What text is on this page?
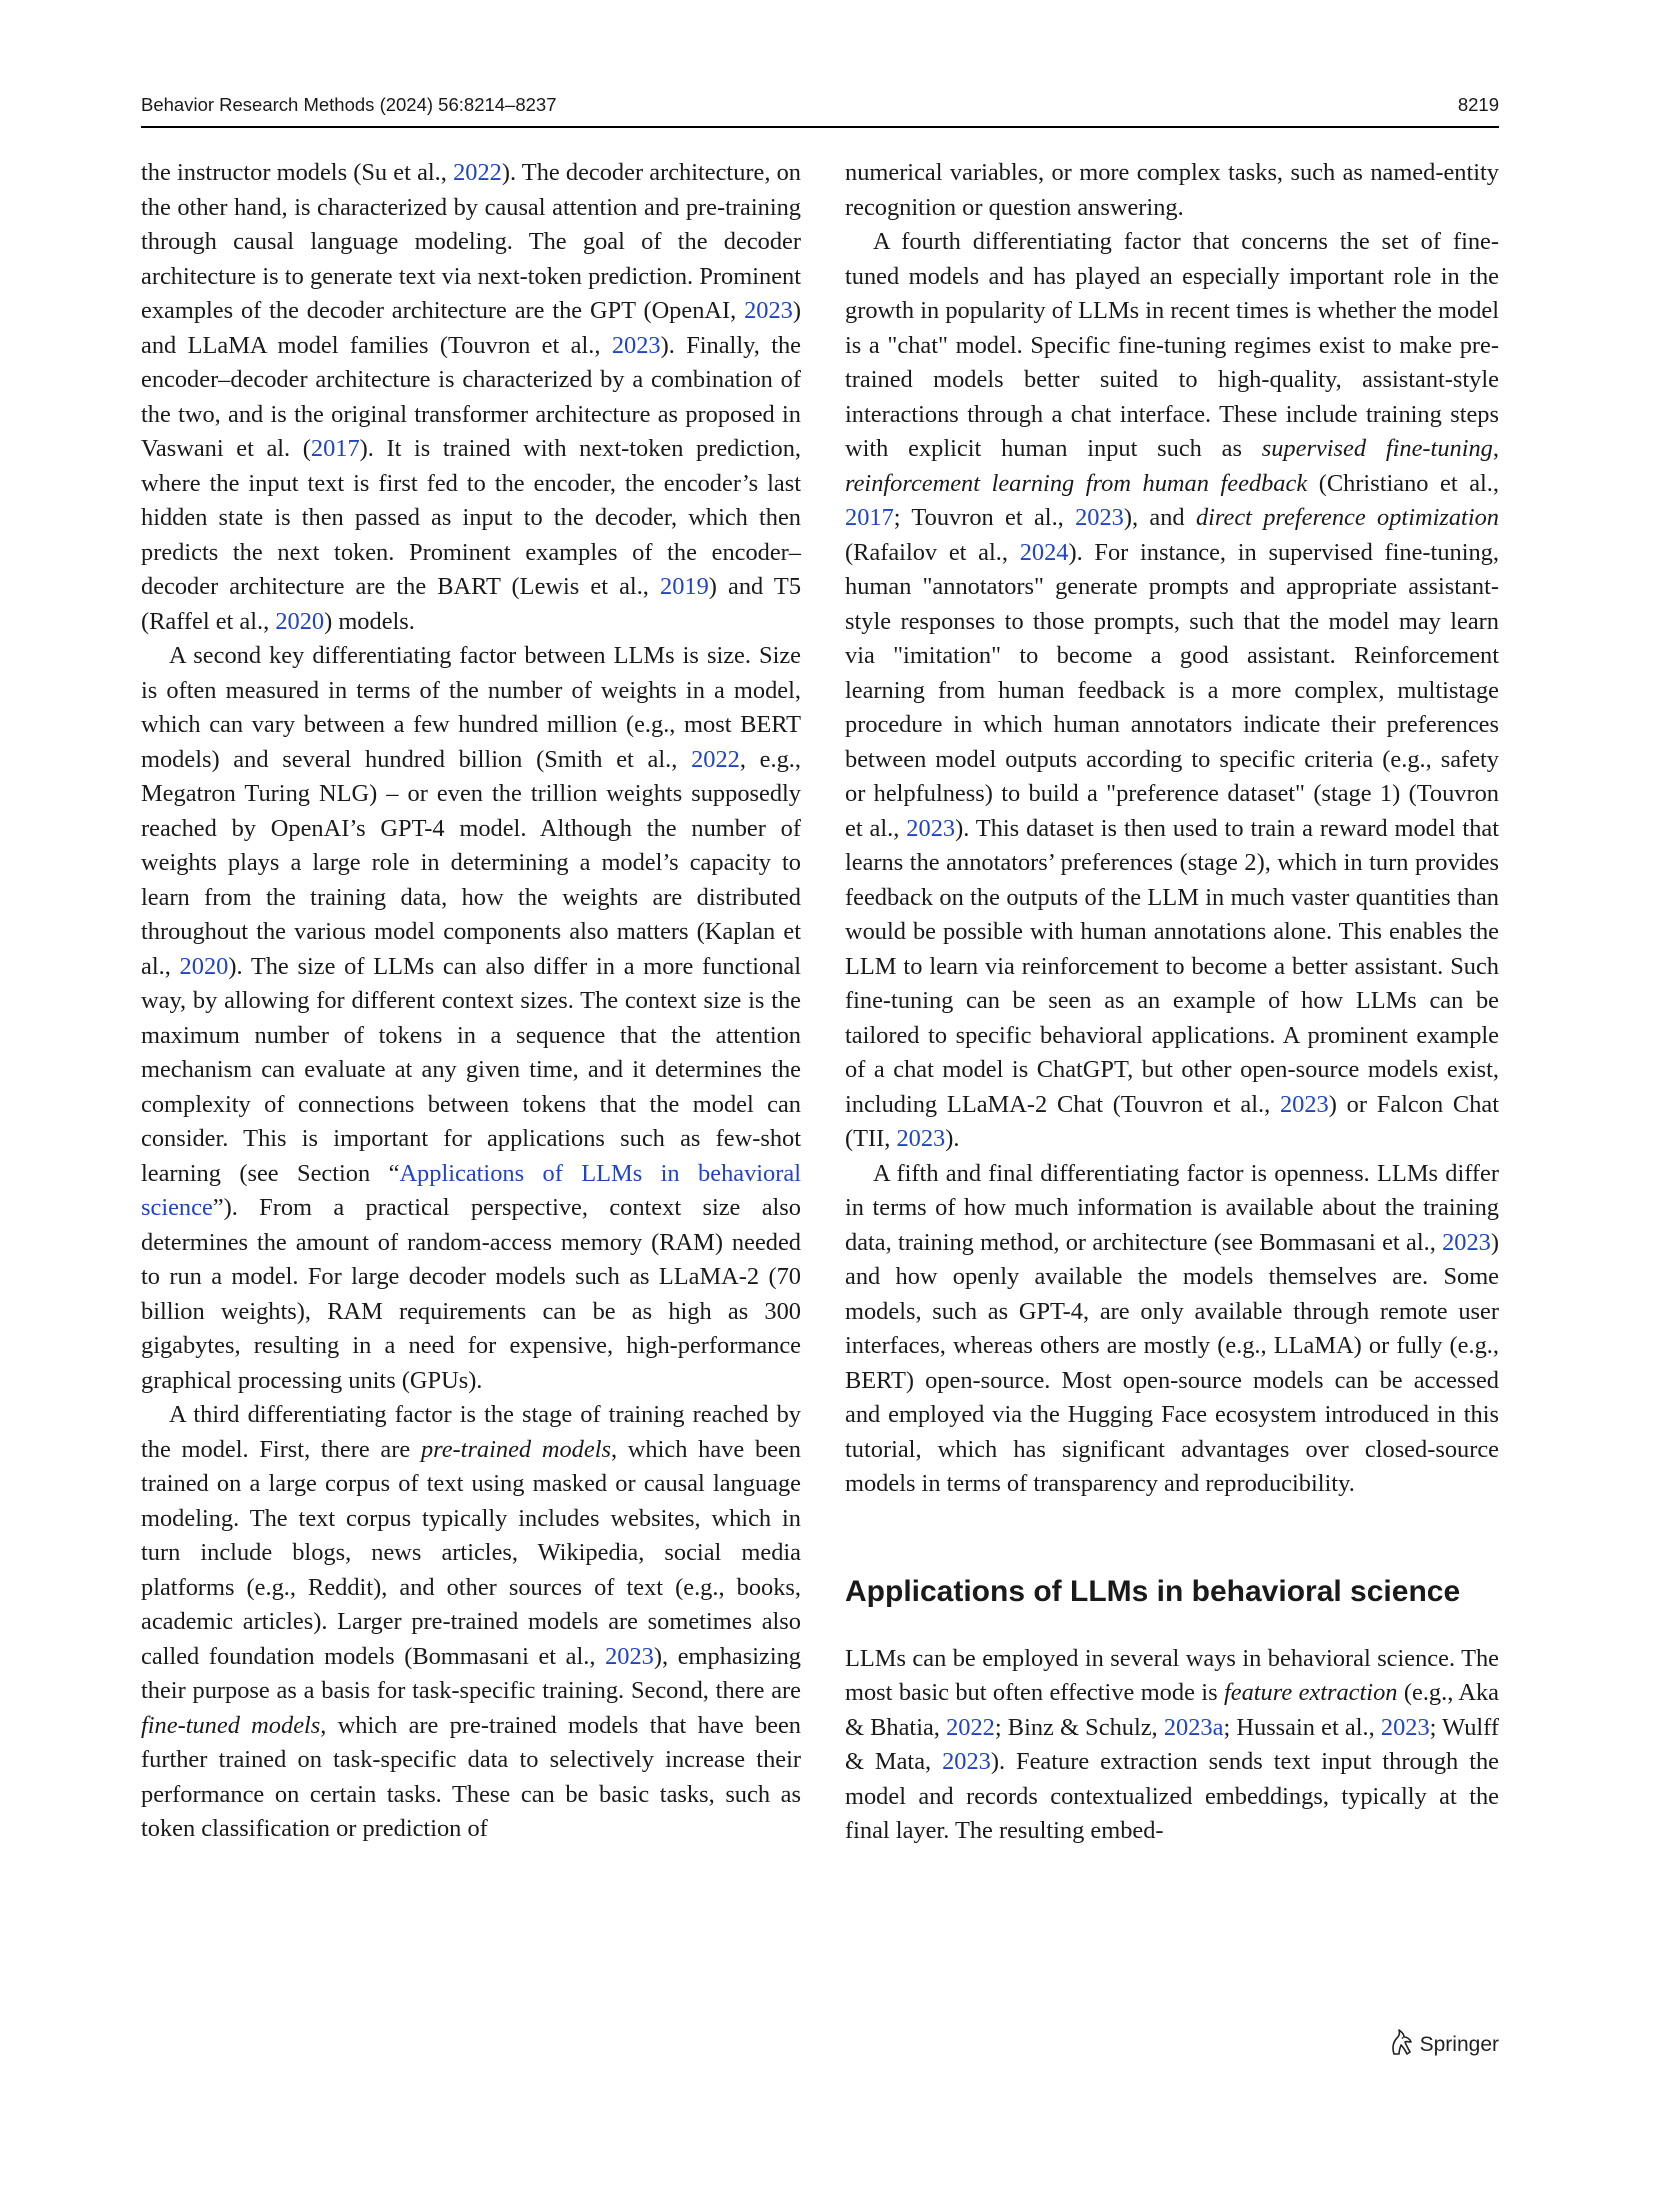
Behavior Research Methods (2024) 56:8214–8237	8219

the instructor models (Su et al., 2022). The decoder architecture, on the other hand, is characterized by causal attention and pre-training through causal language modeling. The goal of the decoder architecture is to generate text via next-token prediction. Prominent examples of the decoder architecture are the GPT (OpenAI, 2023) and LLaMA model families (Touvron et al., 2023). Finally, the encoder–decoder architecture is characterized by a combination of the two, and is the original transformer architecture as proposed in Vaswani et al. (2017). It is trained with next-token prediction, where the input text is first fed to the encoder, the encoder’s last hidden state is then passed as input to the decoder, which then predicts the next token. Prominent examples of the encoder–decoder architecture are the BART (Lewis et al., 2019) and T5 (Raffel et al., 2020) models.

A second key differentiating factor between LLMs is size. Size is often measured in terms of the number of weights in a model, which can vary between a few hundred million (e.g., most BERT models) and several hundred billion (Smith et al., 2022, e.g., Megatron Turing NLG) – or even the trillion weights supposedly reached by OpenAI’s GPT-4 model. Although the number of weights plays a large role in determining a model’s capacity to learn from the training data, how the weights are distributed throughout the various model components also matters (Kaplan et al., 2020). The size of LLMs can also differ in a more functional way, by allowing for different context sizes. The context size is the maximum number of tokens in a sequence that the attention mechanism can evaluate at any given time, and it determines the complexity of connections between tokens that the model can consider. This is important for applications such as few-shot learning (see Section “Applications of LLMs in behavioral science”). From a practical perspective, context size also determines the amount of random-access memory (RAM) needed to run a model. For large decoder models such as LLaMA-2 (70 billion weights), RAM requirements can be as high as 300 gigabytes, resulting in a need for expensive, high-performance graphical processing units (GPUs).

A third differentiating factor is the stage of training reached by the model. First, there are pre-trained models, which have been trained on a large corpus of text using masked or causal language modeling. The text corpus typically includes websites, which in turn include blogs, news articles, Wikipedia, social media platforms (e.g., Reddit), and other sources of text (e.g., books, academic articles). Larger pre-trained models are sometimes also called foundation models (Bommasani et al., 2023), emphasizing their purpose as a basis for task-specific training. Second, there are fine-tuned models, which are pre-trained models that have been further trained on task-specific data to selectively increase their performance on certain tasks. These can be basic tasks, such as token classification or prediction of

numerical variables, or more complex tasks, such as named-entity recognition or question answering.

A fourth differentiating factor that concerns the set of fine-tuned models and has played an especially important role in the growth in popularity of LLMs in recent times is whether the model is a "chat" model. Specific fine-tuning regimes exist to make pre-trained models better suited to high-quality, assistant-style interactions through a chat interface. These include training steps with explicit human input such as supervised fine-tuning, reinforcement learning from human feedback (Christiano et al., 2017; Touvron et al., 2023), and direct preference optimization (Rafailov et al., 2024). For instance, in supervised fine-tuning, human "annotators" generate prompts and appropriate assistant-style responses to those prompts, such that the model may learn via "imitation" to become a good assistant. Reinforcement learning from human feedback is a more complex, multistage procedure in which human annotators indicate their preferences between model outputs according to specific criteria (e.g., safety or helpfulness) to build a "preference dataset" (stage 1) (Touvron et al., 2023). This dataset is then used to train a reward model that learns the annotators’ preferences (stage 2), which in turn provides feedback on the outputs of the LLM in much vaster quantities than would be possible with human annotations alone. This enables the LLM to learn via reinforcement to become a better assistant. Such fine-tuning can be seen as an example of how LLMs can be tailored to specific behavioral applications. A prominent example of a chat model is ChatGPT, but other open-source models exist, including LLaMA-2 Chat (Touvron et al., 2023) or Falcon Chat (TII, 2023).

A fifth and final differentiating factor is openness. LLMs differ in terms of how much information is available about the training data, training method, or architecture (see Bommasani et al., 2023) and how openly available the models themselves are. Some models, such as GPT-4, are only available through remote user interfaces, whereas others are mostly (e.g., LLaMA) or fully (e.g., BERT) open-source. Most open-source models can be accessed and employed via the Hugging Face ecosystem introduced in this tutorial, which has significant advantages over closed-source models in terms of transparency and reproducibility.

Applications of LLMs in behavioral science

LLMs can be employed in several ways in behavioral science. The most basic but often effective mode is feature extraction (e.g., Aka & Bhatia, 2022; Binz & Schulz, 2023a; Hussain et al., 2023; Wulff & Mata, 2023). Feature extraction sends text input through the model and records contextualized embeddings, typically at the final layer. The resulting embed-

Springer
